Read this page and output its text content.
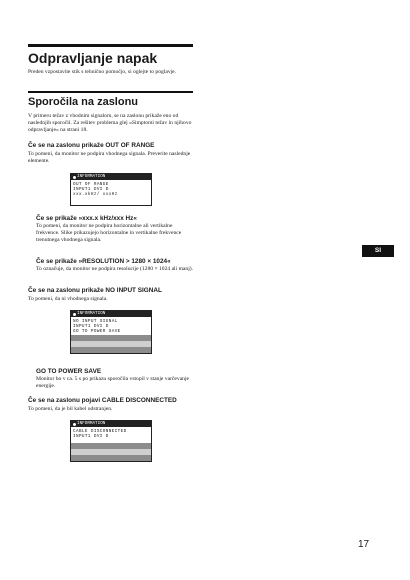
Odpravljanje napak

Preden vzpostavite stik s tehnično pomočjo, si oglejte to poglavje.

Sporočila na zaslonu

V primeru težav z vhodnim signalom, se na zaslonu prikaže eno od naslednjih sporočil. Za rešitev problema glej »Simptomi težav in njihovo odpravljanje« na strani 18.

Če se na zaslonu prikaže OUT OF RANGE

To pomeni, da monitor ne podpira vhodnega signala. Preverite naslednje elemente.

INFORMATION
OUT OF RANGE
INPUT1 DVI D
xxx.xkHz/ xxxHz

Če se prikaže »xxx.x kHz/xxx Hz«

To pomeni, da monitor ne podpira horizontalne ali vertikalne frekvence. Slike prikazujejo horizontalne in vertikalne frekvence trenutnega vhodnega signala.

Če se prikaže »RESOLUTION > 1280 × 1024«

To označuje, da monitor ne podpira resolucije (1280 × 1024 ali manj).

Če se na zaslonu prikaže NO INPUT SIGNAL

To pomeni, da ni vhodnega signala.

INFORMATION
NO INPUT SIGNAL
INPUT1 DVI D
GO TO POWER SAVE

GO TO POWER SAVE

Monitor bo v ca. 5 s po prikazu sporočila vstopil v stanje varčevanje energije.

Če se na zaslonu pojavi CABLE DISCONNECTED

To pomeni, da je bil kabel odstranjen.

INFORMATION
CABLE DISCONNECTED
INPUT1 DVI D
SI
17
